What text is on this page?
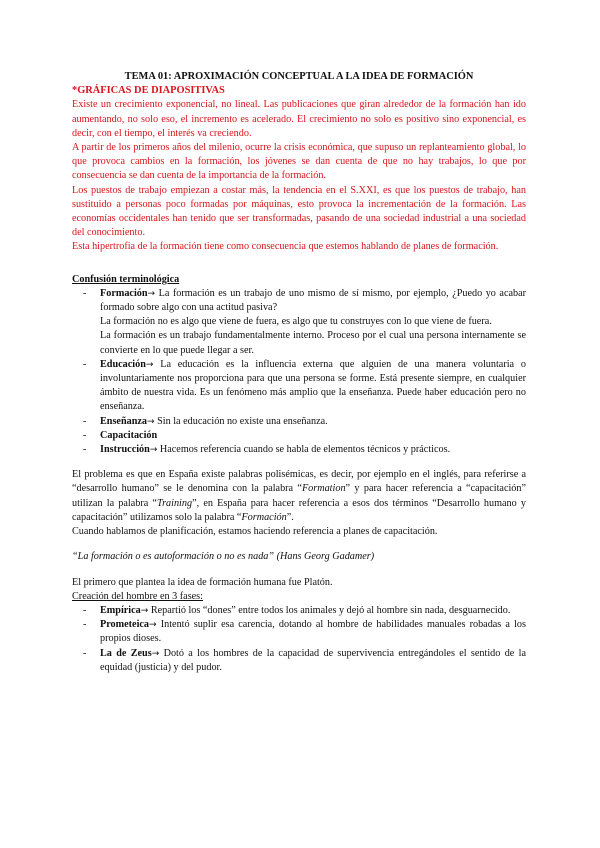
TEMA 01: APROXIMACIÓN CONCEPTUAL A LA IDEA DE FORMACIÓN

*GRÁFICAS DE DIAPOSITIVAS

Existe un crecimiento exponencial, no lineal. Las publicaciones que giran alrededor de la formación han ido aumentando, no solo eso, el incremento es acelerado. El crecimiento no solo es positivo sino exponencial, es decir, con el tiempo, el interés va creciendo.

A partir de los primeros años del milenio, ocurre la crisis económica, que supuso un replanteamiento global, lo que provoca cambios en la formación, los jóvenes se dan cuenta de que no hay trabajos, lo que por consecuencia se dan cuenta de la importancia de la formación.

Los puestos de trabajo empiezan a costar más, la tendencia en el S.XXI, es que los puestos de trabajo, han sustituido a personas poco formadas por máquinas, esto provoca la incrementación de la formación. Las economías occidentales han tenido que ser transformadas, pasando de una sociedad industrial a una sociedad del conocimiento.

Esta hipertrofia de la formación tiene como consecuencia que estemos hablando de planes de formación.

Confusión terminológica

- Formación→ La formación es un trabajo de uno mismo de sí mismo, por ejemplo, ¿Puedo yo acabar formado sobre algo con una actitud pasiva?

La formación no es algo que viene de fuera, es algo que tu construyes con lo que viene de fuera.

La formación es un trabajo fundamentalmente interno. Proceso por el cual una persona internamente se convierte en lo que puede llegar a ser.

- Educación→ La educación es la influencia externa que alguien de una manera voluntaria o involuntariamente nos proporciona para que una persona se forme. Está presente siempre, en cualquier ámbito de nuestra vida. Es un fenómeno más amplio que la enseñanza. Puede haber educación pero no enseñanza.

- Enseñanza→ Sin la educación no existe una enseñanza.

- Capacitación

- Instrucción→ Hacemos referencia cuando se habla de elementos técnicos y prácticos.

El problema es que en España existe palabras polisémicas, es decir, por ejemplo en el inglés, para referirse a “desarrollo humano” se le denomina con la palabra “Formation” y para hacer referencia a “capacitación” utilizan la palabra “Training”, en España para hacer referencia a esos dos términos “Desarrollo humano y capacitación” utilizamos solo la palabra “Formación”.

Cuando hablamos de planificación, estamos haciendo referencia a planes de capacitación.

“La formación o es autoformación o no es nada” (Hans Georg Gadamer)

El primero que plantea la idea de formación humana fue Platón.

Creación del hombre en 3 fases:

- Empírica→ Repartió los “dones” entre todos los animales y dejó al hombre sin nada, desguarnecido.

- Prometeica→ Intentó suplir esa carencia, dotando al hombre de habilidades manuales robadas a los propios dioses.

- La de Zeus→ Dotó a los hombres de la capacidad de supervivencia entregándoles el sentido de la equidad (justicia) y del pudor.
